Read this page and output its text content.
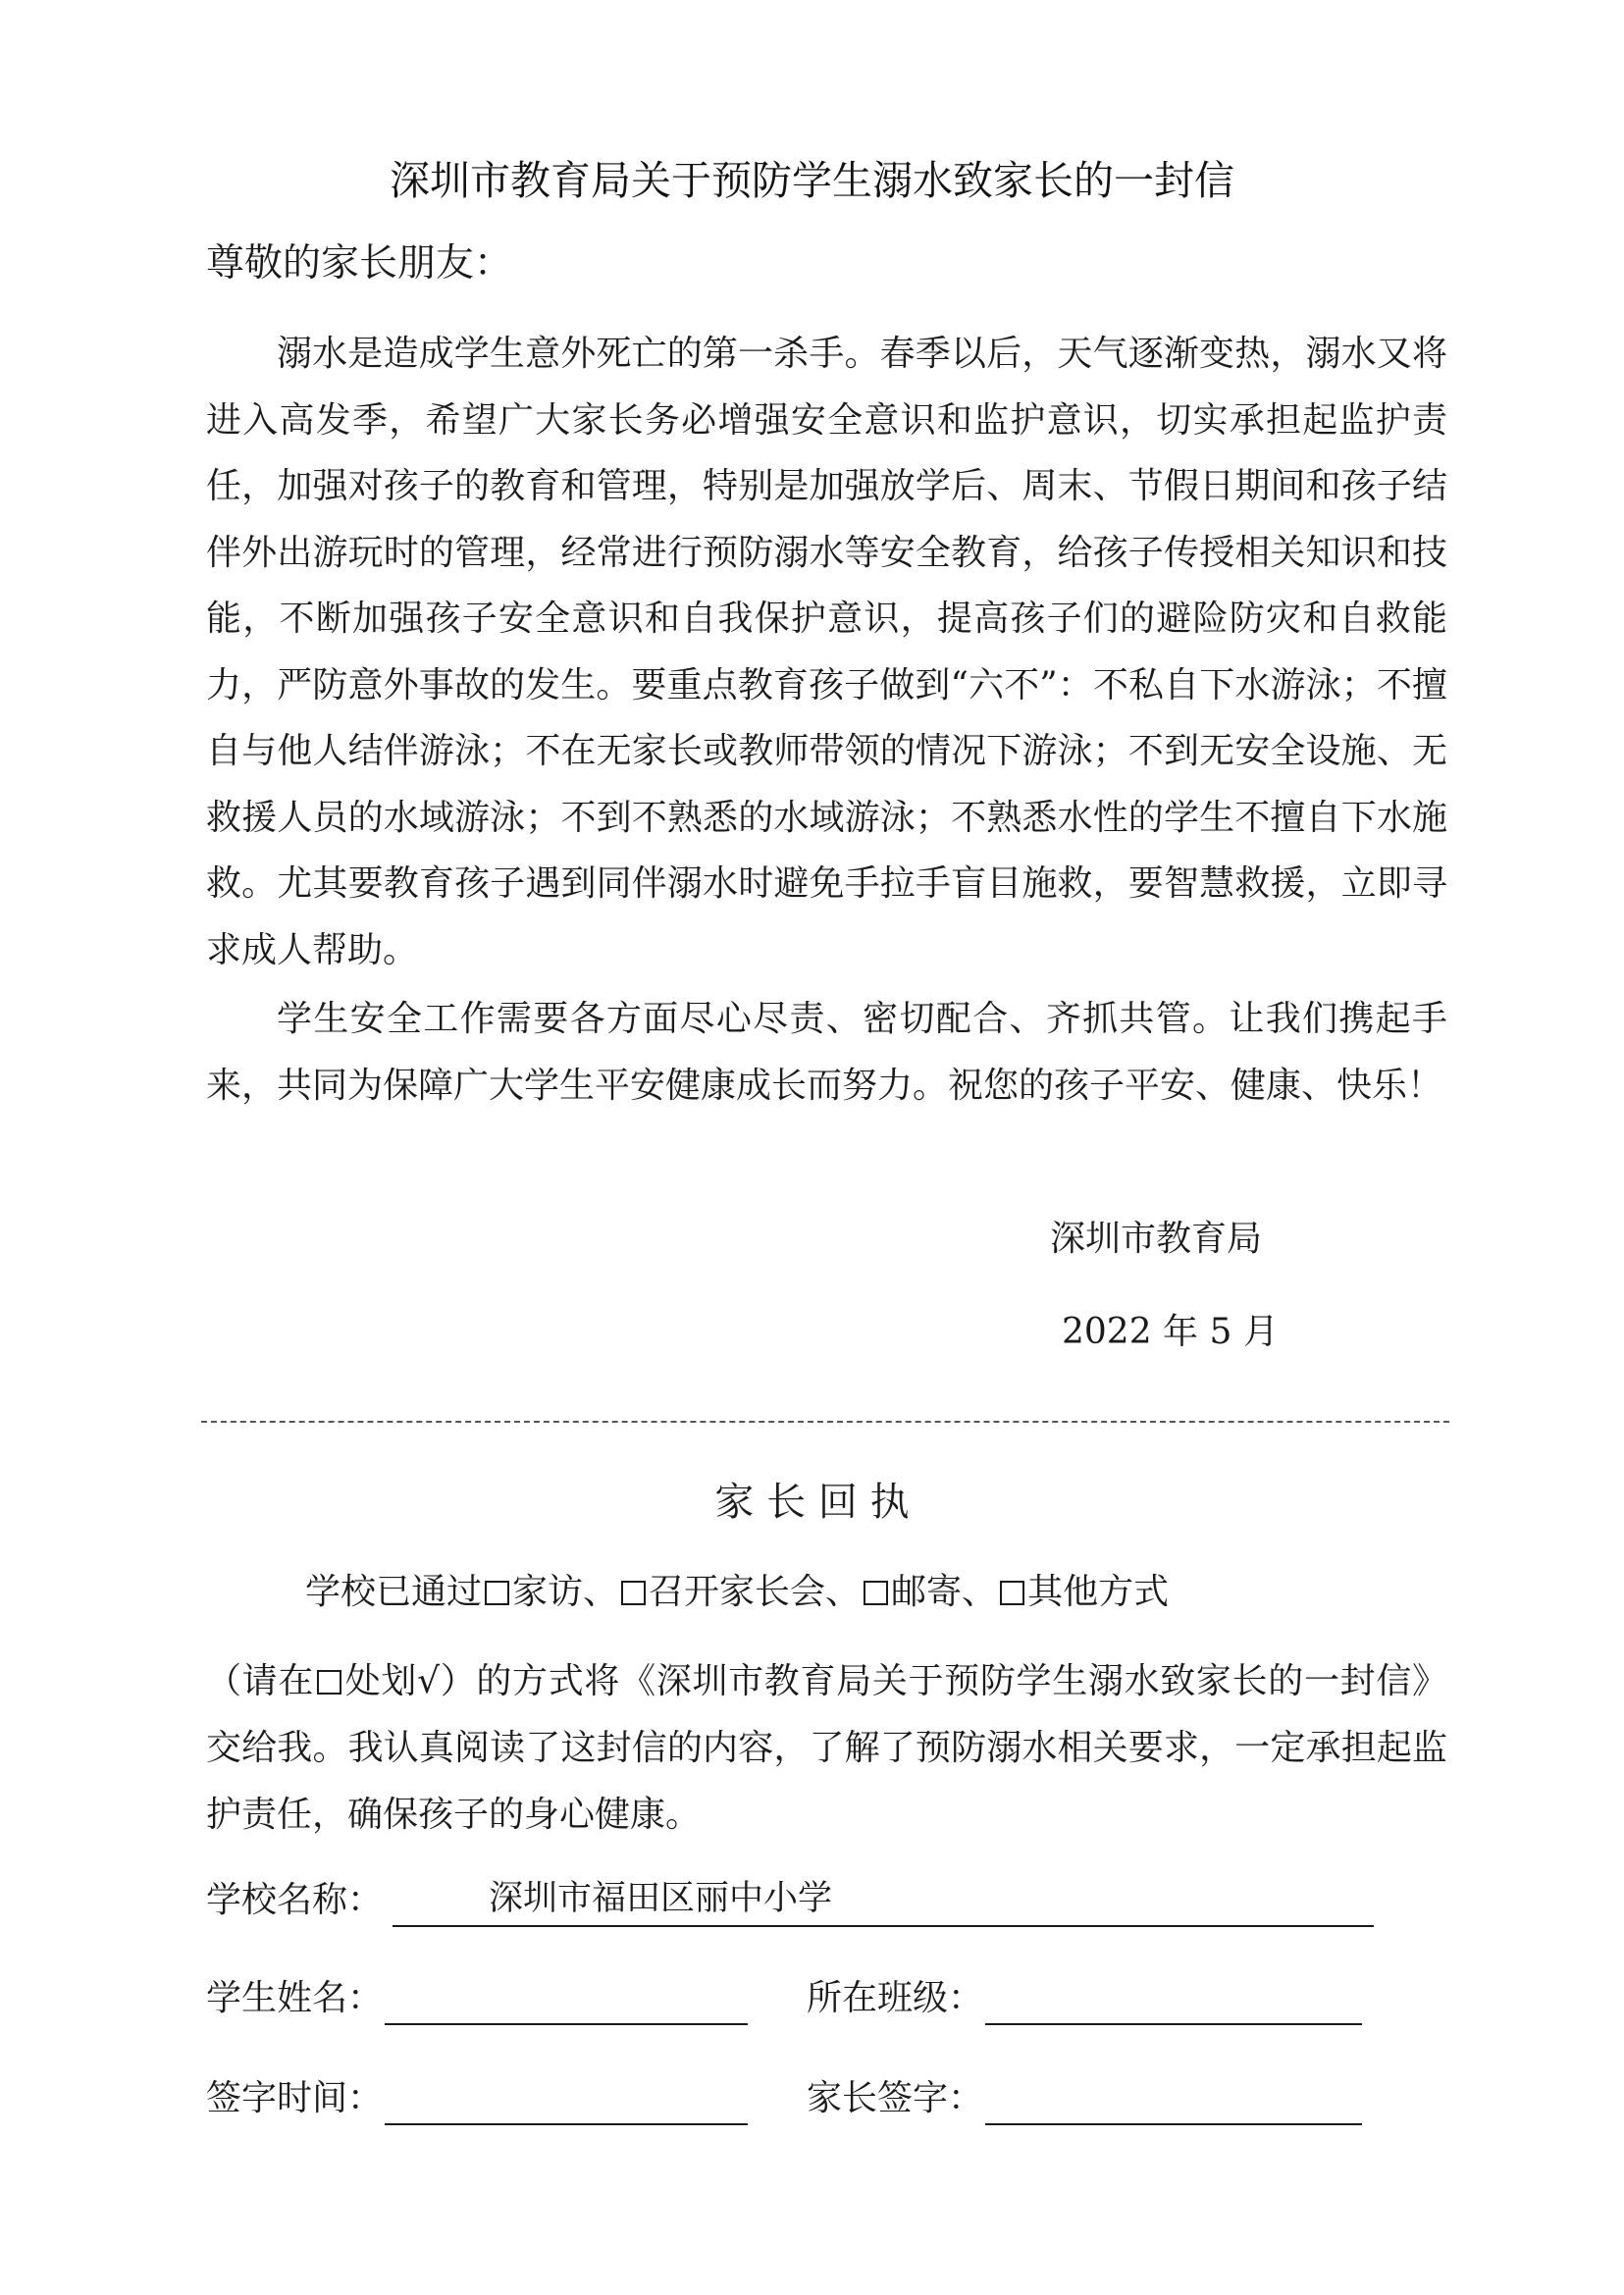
深圳市教育局关于预防学生溺水致家长的一封信
尊敬的家长朋友：

溺水是造成学生意外死亡的第一杀手。春季以后，天气逐渐变热，溺水又将进入高发季，希望广大家长务必增强安全意识和监护意识，切实承担起监护责任，加强对孩子的教育和管理，特别是加强放学后、周末、节假日期间和孩子结伴外出游玩时的管理，经常进行预防溺水等安全教育，给孩子传授相关知识和技能，不断加强孩子安全意识和自我保护意识，提高孩子们的避险防灾和自救能力，严防意外事故的发生。要重点教育孩子做到“六不”：不私自下水游泳；不擅自与他人结伴游泳；不在无家长或教师带领的情况下游泳；不到无安全设施、无救援人员的水域游泳；不到不熟悉的水域游泳；不熟悉水性的学生不擅自下水施救。尤其要教育孩子遇到同伴溺水时避免手拉手盲目施救，要智慧救援，立即寻求成人帮助。

学生安全工作需要各方面尽心尽责、密切配合、齐抓共管。让我们携起手来，共同为保障广大学生平安健康成长而努力。祝您的孩子平安、健康、快乐！

深圳市教育局
2022 年 5 月
家 长 回 执
学校已通过 家访、 召开家长会、 邮寄、 其他方式

（请在 处划√）的方式将《深圳市教育局关于预防学生溺水致家长的一封信》交给我。我认真阅读了这封信的内容，了解了预防溺水相关要求，一定承担起监护责任，确保孩子的身心健康。

学校名称：	深圳市福田区丽中小学
学生姓名：	所在班级：
签字时间：	家长签字：
